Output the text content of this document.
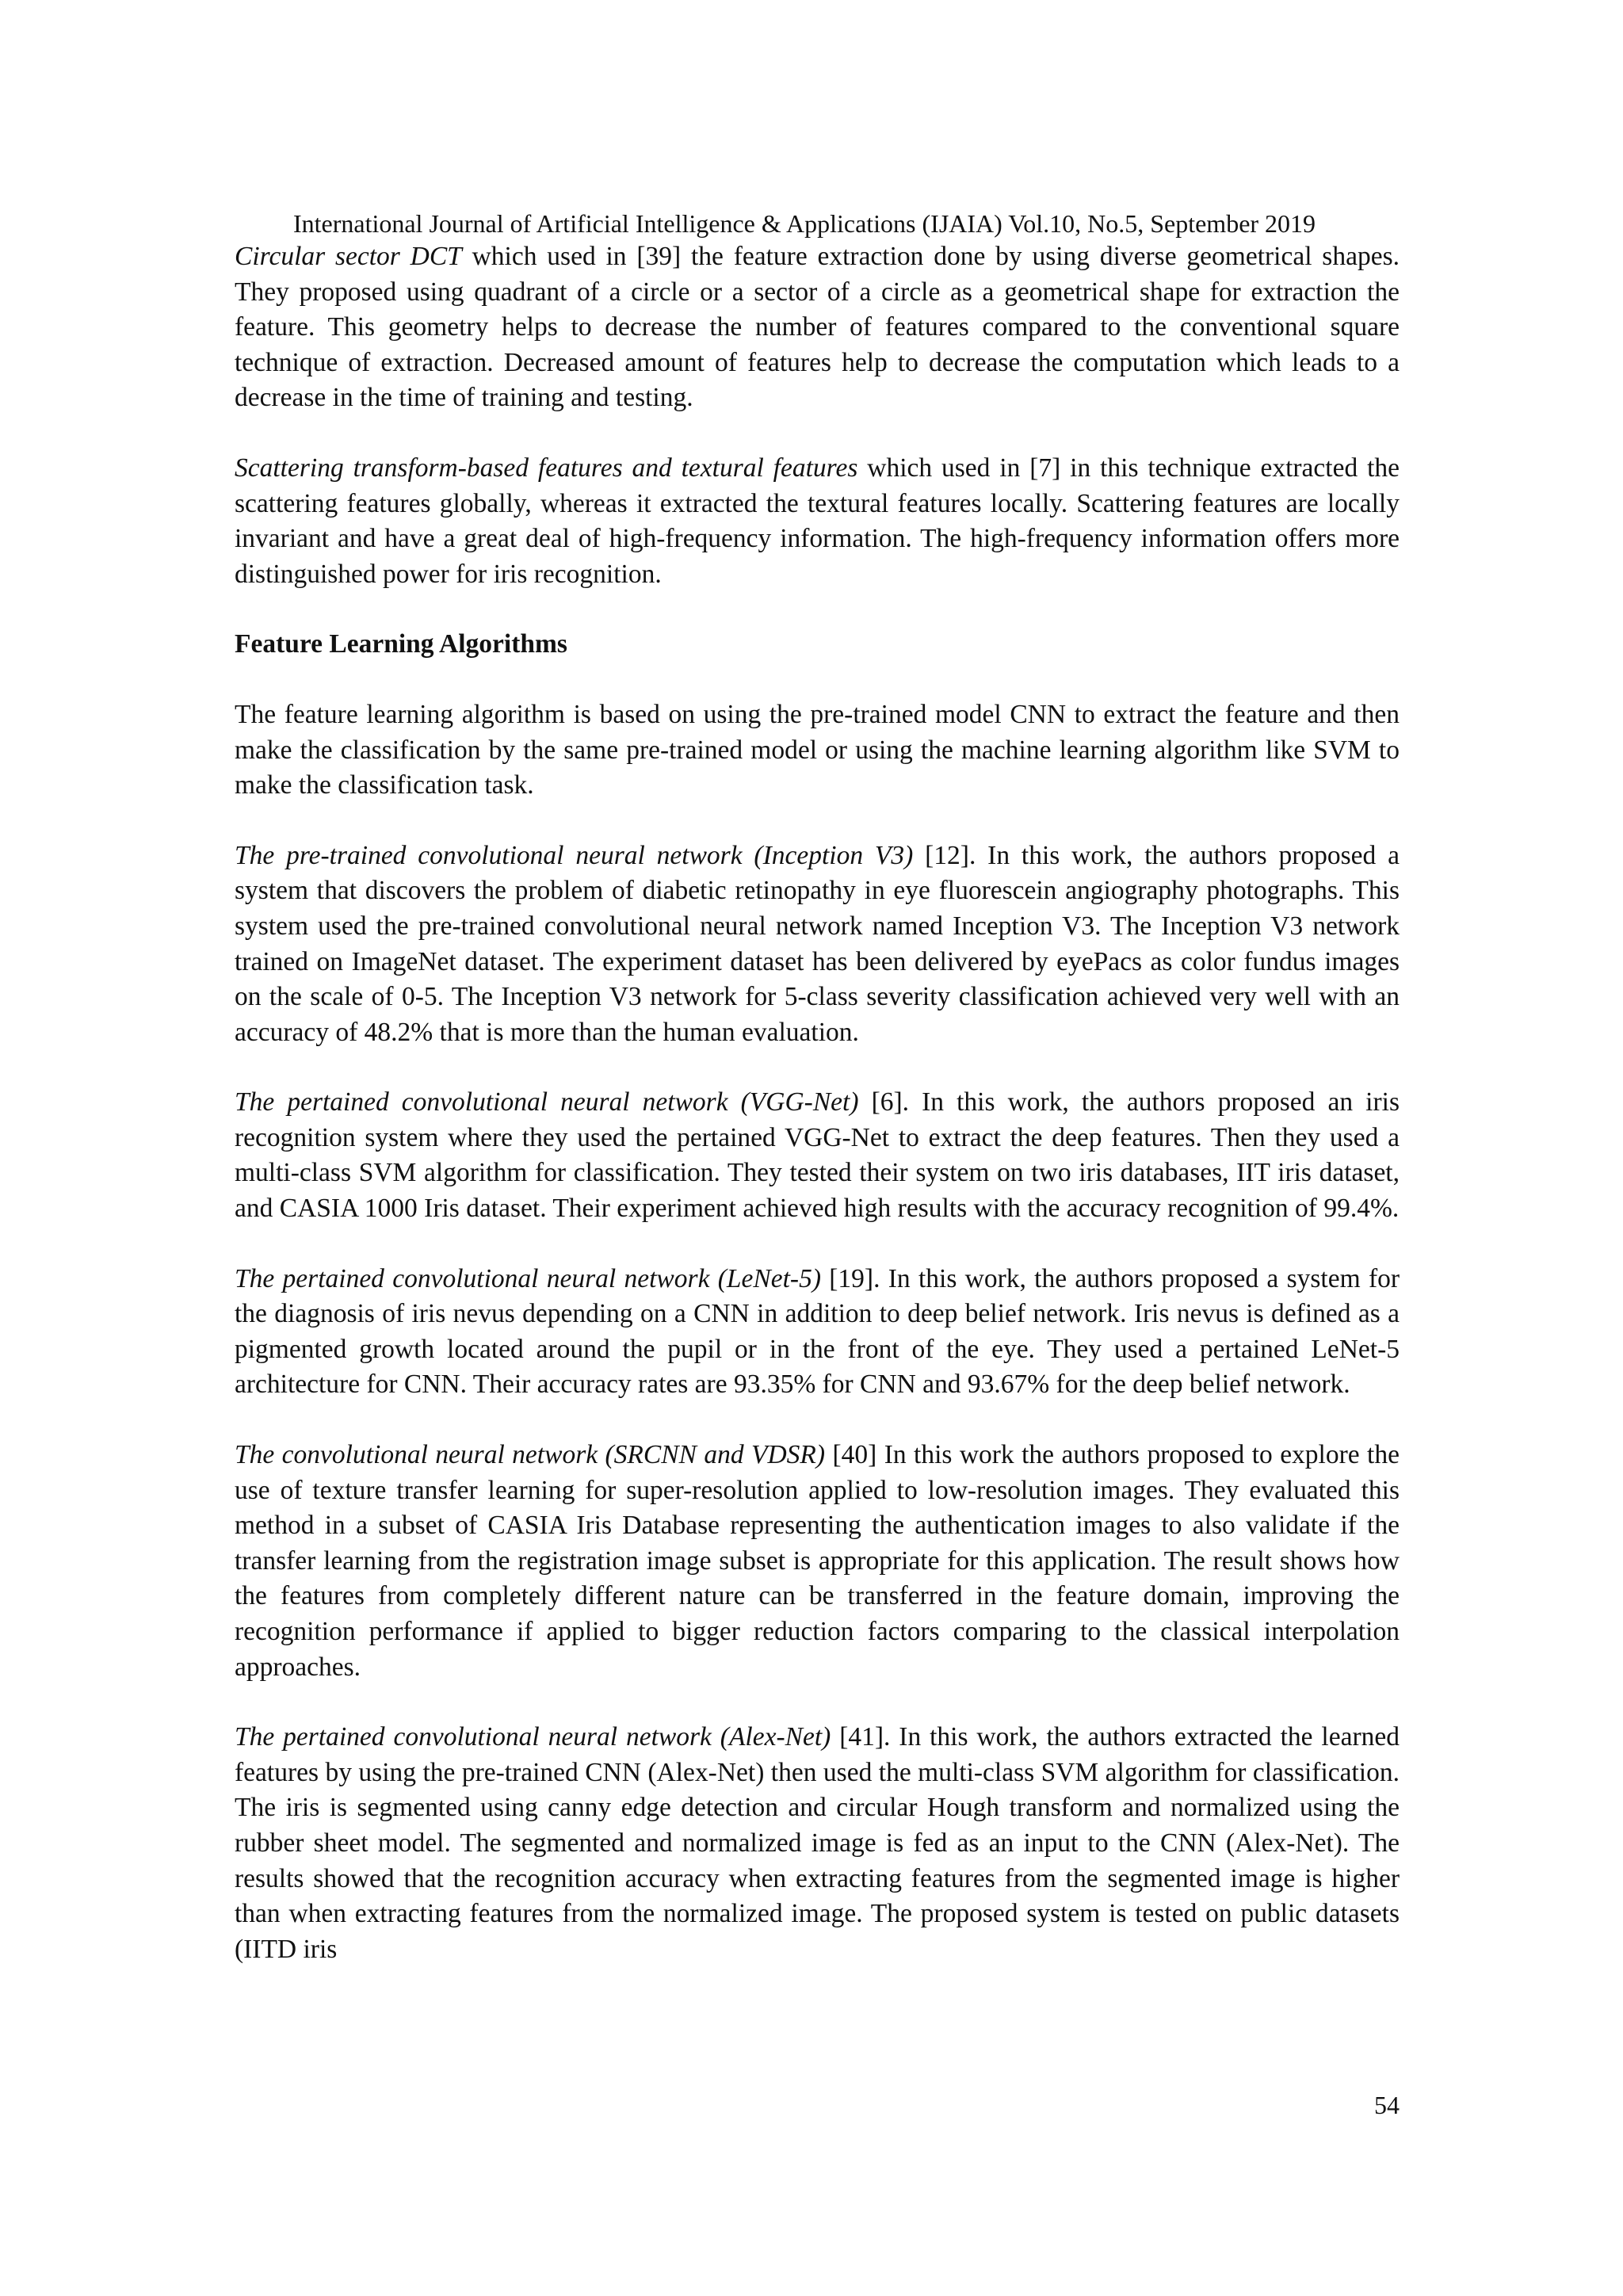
International Journal of Artificial Intelligence & Applications (IJAIA) Vol.10, No.5, September 2019

Circular sector DCT which used in [39] the feature extraction done by using diverse geometrical shapes. They proposed using quadrant of a circle or a sector of a circle as a geometrical shape for extraction the feature. This geometry helps to decrease the number of features compared to the conventional square technique of extraction. Decreased amount of features help to decrease the computation which leads to a decrease in the time of training and testing.

Scattering transform-based features and textural features which used in [7] in this technique extracted the scattering features globally, whereas it extracted the textural features locally. Scattering features are locally invariant and have a great deal of high-frequency information. The high-frequency information offers more distinguished power for iris recognition.

Feature Learning Algorithms

The feature learning algorithm is based on using the pre-trained model CNN to extract the feature and then make the classification by the same pre-trained model or using the machine learning algorithm like SVM to make the classification task.

The pre-trained convolutional neural network (Inception V3) [12]. In this work, the authors proposed a system that discovers the problem of diabetic retinopathy in eye fluorescein angiography photographs. This system used the pre-trained convolutional neural network named Inception V3. The Inception V3 network trained on ImageNet dataset. The experiment dataset has been delivered by eyePacs as color fundus images on the scale of 0-5. The Inception V3 network for 5-class severity classification achieved very well with an accuracy of 48.2% that is more than the human evaluation.

The pertained convolutional neural network (VGG-Net) [6]. In this work, the authors proposed an iris recognition system where they used the pertained VGG-Net to extract the deep features. Then they used a multi-class SVM algorithm for classification. They tested their system on two iris databases, IIT iris dataset, and CASIA 1000 Iris dataset. Their experiment achieved high results with the accuracy recognition of 99.4%.

The pertained convolutional neural network (LeNet-5) [19]. In this work, the authors proposed a system for the diagnosis of iris nevus depending on a CNN in addition to deep belief network. Iris nevus is defined as a pigmented growth located around the pupil or in the front of the eye. They used a pertained LeNet-5 architecture for CNN. Their accuracy rates are 93.35% for CNN and 93.67% for the deep belief network.

The convolutional neural network (SRCNN and VDSR) [40] In this work the authors proposed to explore the use of texture transfer learning for super-resolution applied to low-resolution images. They evaluated this method in a subset of CASIA Iris Database representing the authentication images to also validate if the transfer learning from the registration image subset is appropriate for this application. The result shows how the features from completely different nature can be transferred in the feature domain, improving the recognition performance if applied to bigger reduction factors comparing to the classical interpolation approaches.

The pertained convolutional neural network (Alex-Net) [41]. In this work, the authors extracted the learned features by using the pre-trained CNN (Alex-Net) then used the multi-class SVM algorithm for classification. The iris is segmented using canny edge detection and circular Hough transform and normalized using the rubber sheet model. The segmented and normalized image is fed as an input to the CNN (Alex-Net). The results showed that the recognition accuracy when extracting features from the segmented image is higher than when extracting features from the normalized image. The proposed system is tested on public datasets (IITD iris

54
